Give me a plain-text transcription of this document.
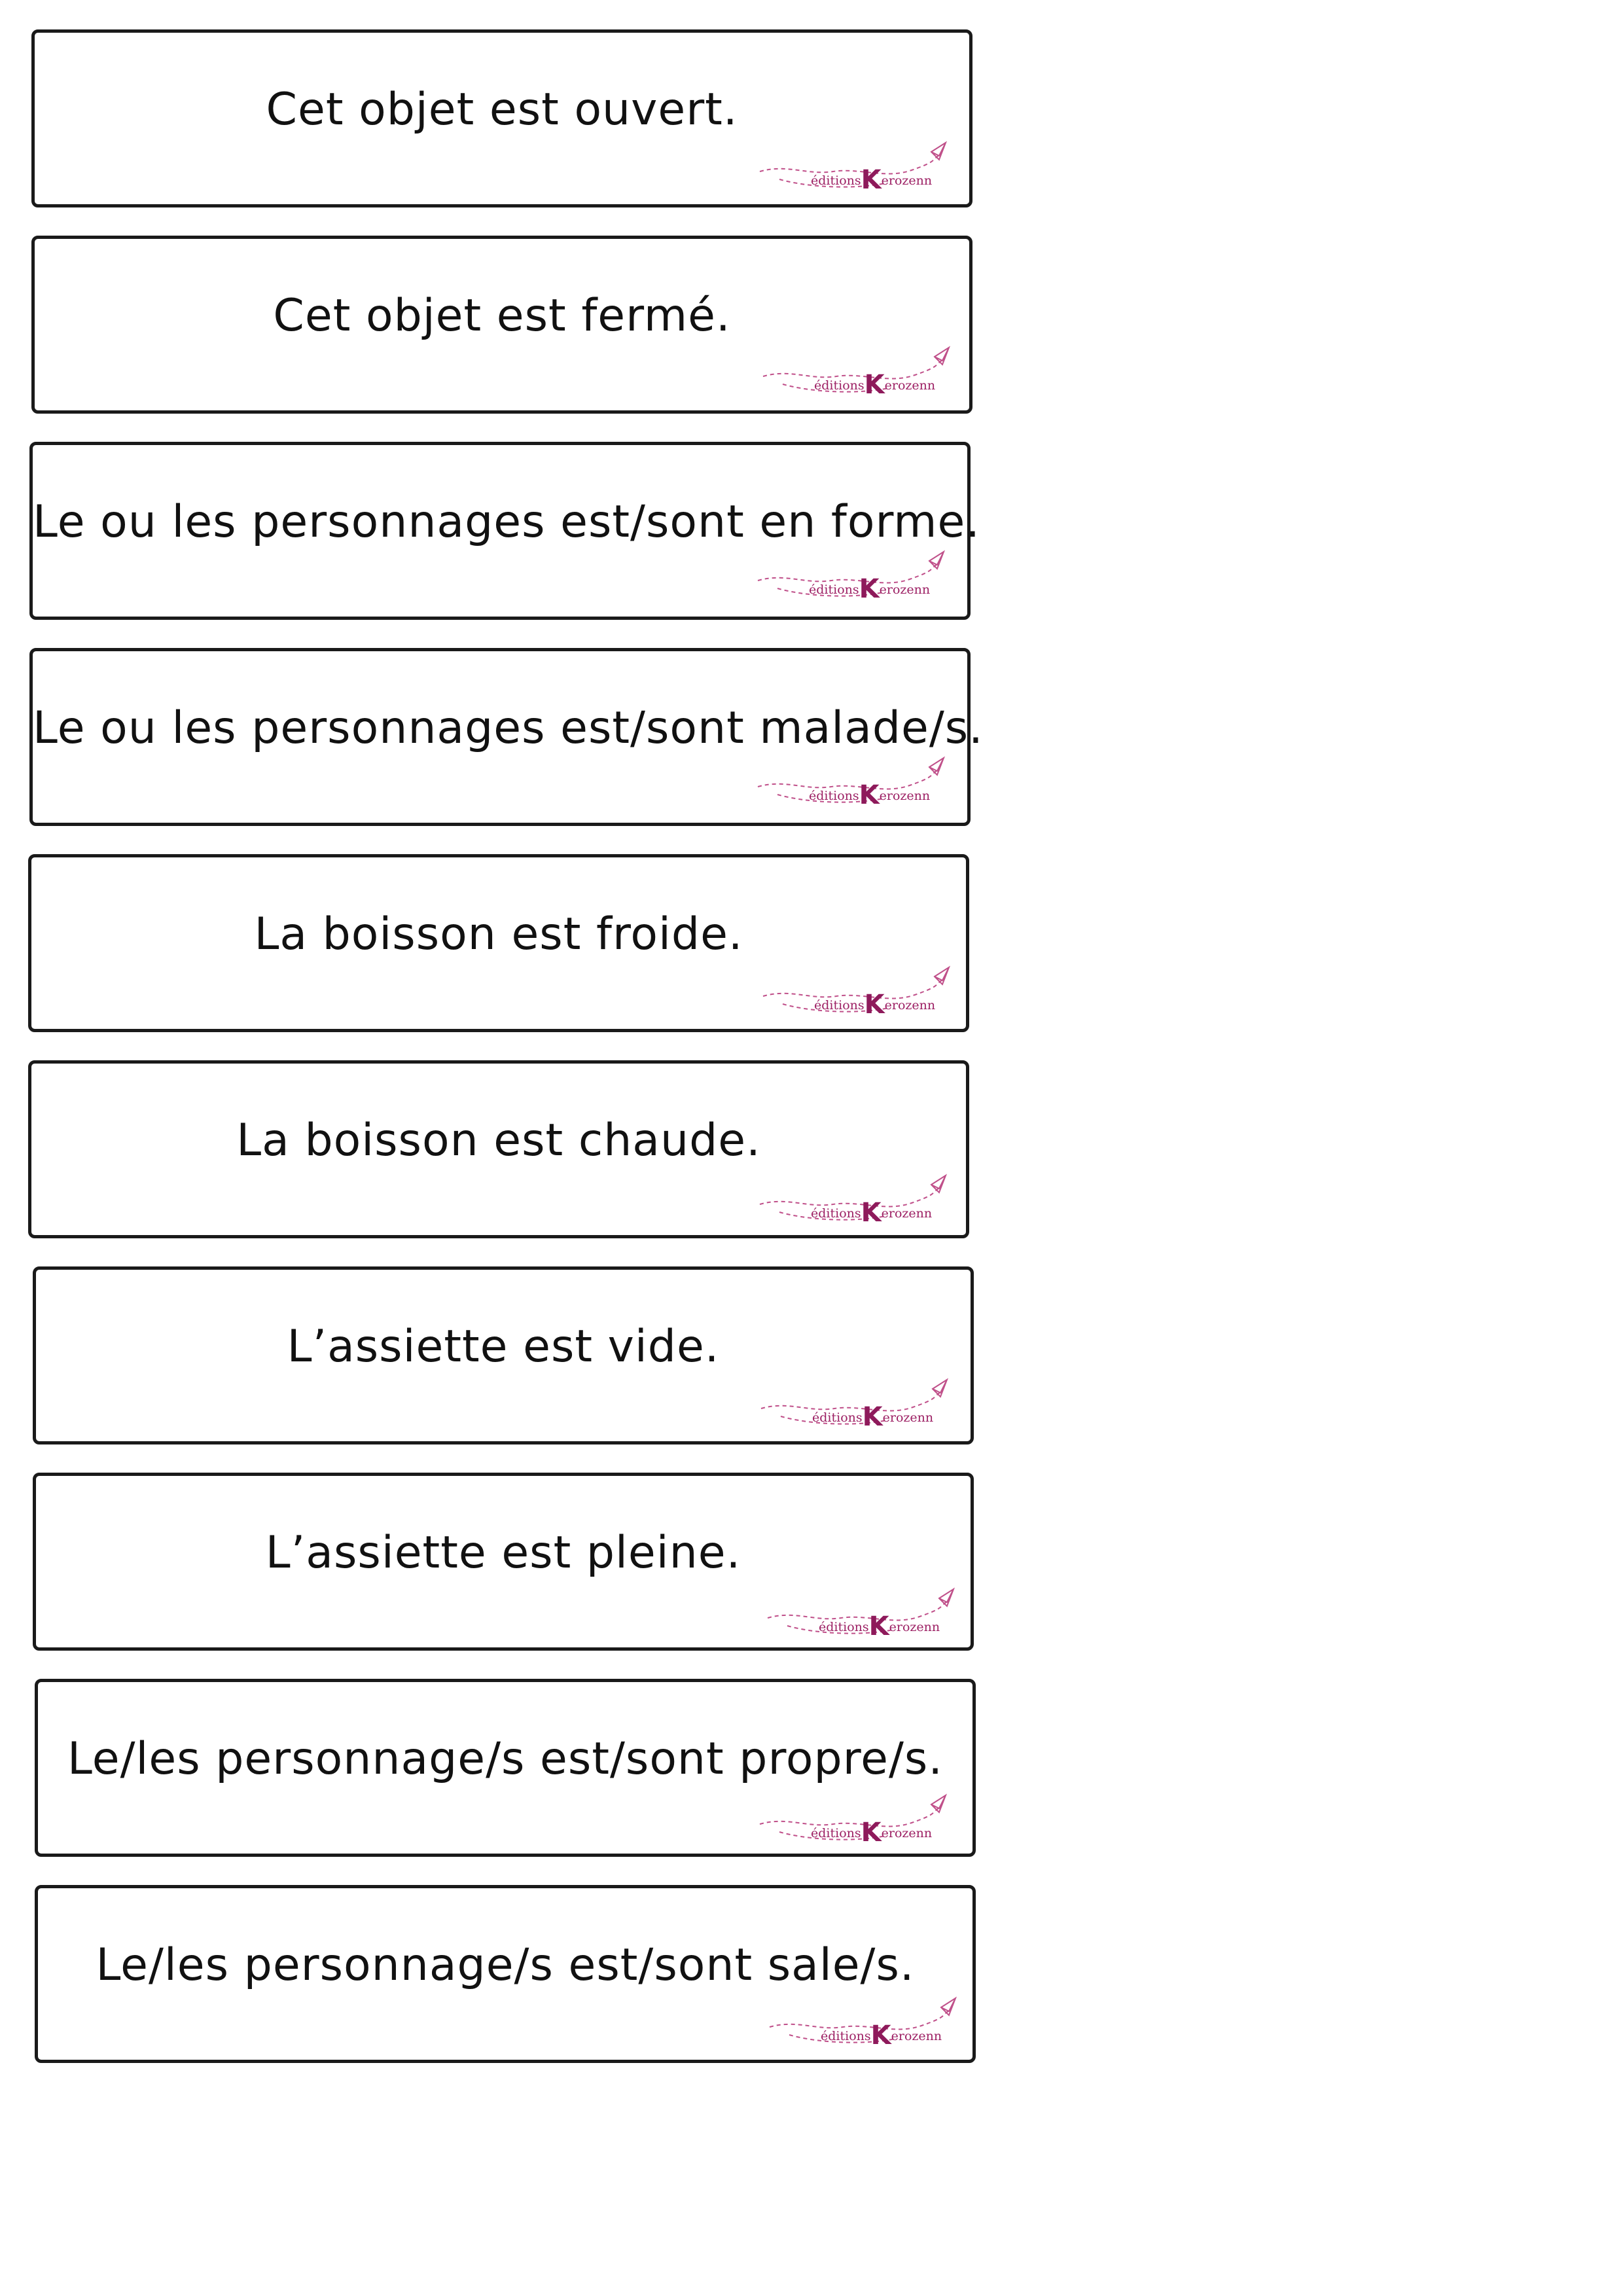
Cet objet est ouvert.
éditionsKerozenn
Cet objet est fermé.
éditionsKerozenn
Le ou les personnages est/sont en forme.
éditionsKerozenn
Le ou les personnages est/sont malade/s.
éditionsKerozenn
La boisson est froide.
éditionsKerozenn
La boisson est chaude.
éditionsKerozenn
L’assiette est vide.
éditionsKerozenn
L’assiette est pleine.
éditionsKerozenn
Le/les personnage/s est/sont propre/s.
éditionsKerozenn
Le/les personnage/s est/sont sale/s.
éditionsKerozenn
